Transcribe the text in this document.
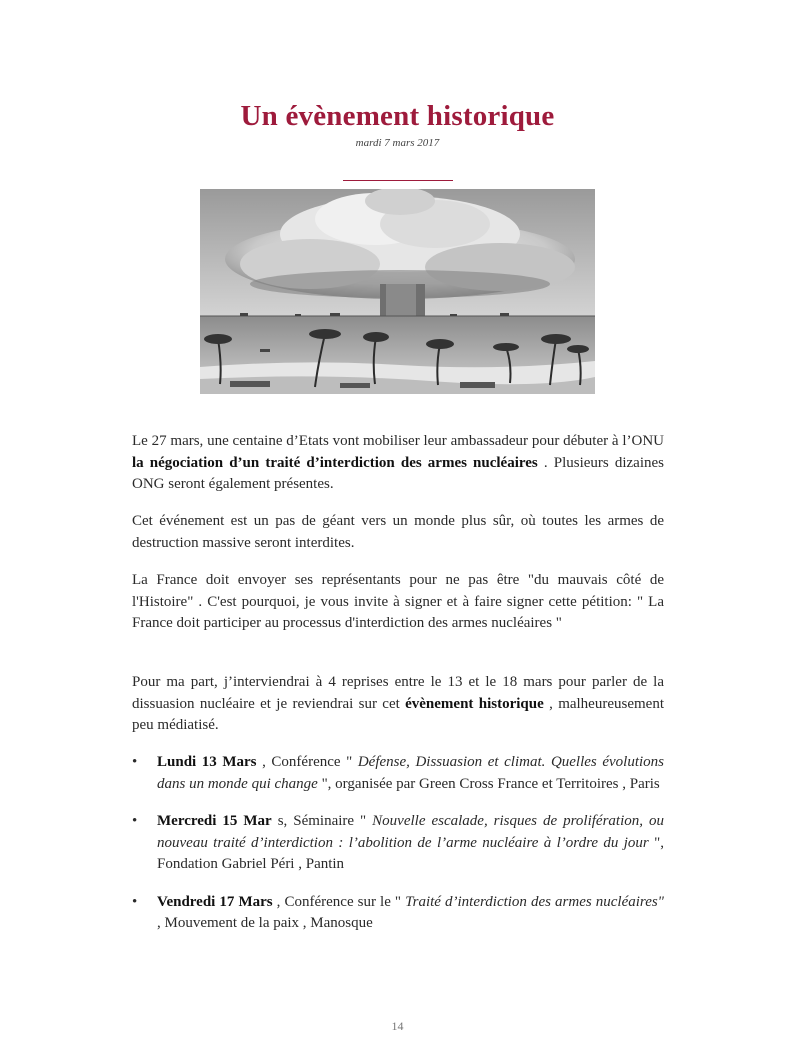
Un évènement historique
mardi 7 mars 2017

Le 27 mars, une centaine d’Etats vont mobiliser leur ambassadeur pour débuter à l’ONU la négociation d’un traité d’interdiction des armes nucléaires . Plusieurs dizaines ONG seront également présentes.

Cet événement est un pas de géant vers un monde plus sûr, où toutes les armes de destruction massive seront interdites.

La France doit envoyer ses représentants pour ne pas être "du mauvais côté de l'Histoire" . C'est pourquoi, je vous invite à signer et à faire signer cette pétition: " La France doit participer au processus d'interdiction des armes nucléaires "

Pour ma part, j’interviendrai à 4 reprises entre le 13 et le 18 mars pour parler de la dissuasion nucléaire et je reviendrai sur cet évènement historique , malheureusement peu médiatisé.

• Lundi 13 Mars , Conférence " Défense, Dissuasion et climat. Quelles évolutions dans un monde qui change ", organisée par Green Cross France et Territoires , Paris
• Mercredi 15 Mar s, Séminaire " Nouvelle escalade, risques de prolifération, ou nouveau traité d’interdiction : l’abolition de l’arme nucléaire à l’ordre du jour ", Fondation Gabriel Péri , Pantin
• Vendredi 17 Mars , Conférence sur le " Traité d’interdiction des armes nucléaires" , Mouvement de la paix , Manosque
14
